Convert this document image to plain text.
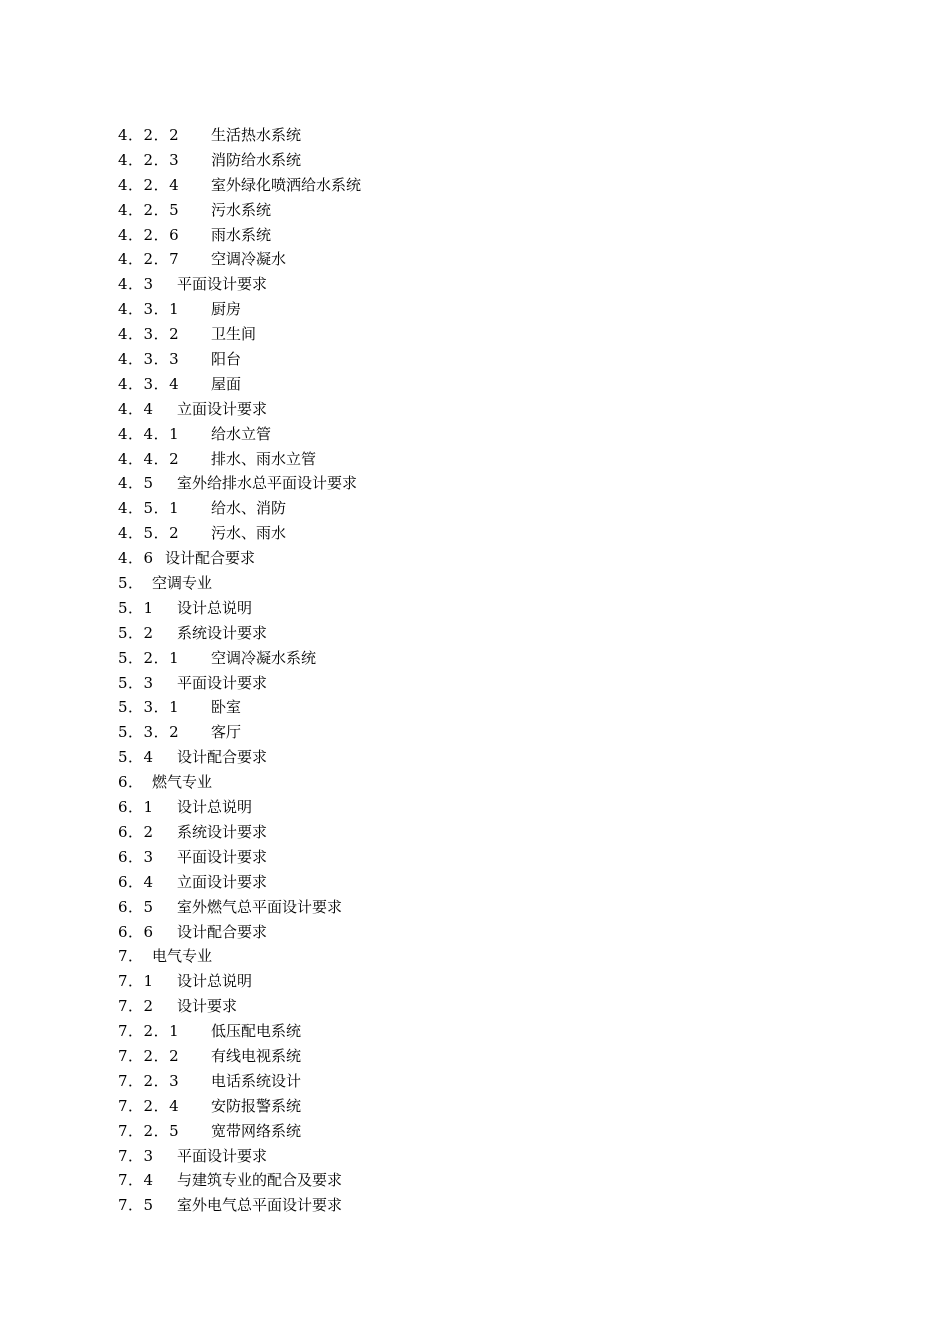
4．2．2 生活热水系统
4．2．3 消防给水系统
4．2．4 室外绿化喷洒给水系统
4．2．5 污水系统
4．2．6 雨水系统
4．2．7 空调冷凝水
4．3 平面设计要求
4．3．1 厨房
4．3．2 卫生间
4．3．3 阳台
4．3．4 屋面
4．4 立面设计要求
4．4．1 给水立管
4．4．2 排水、雨水立管
4．5 室外给排水总平面设计要求
4．5．1 给水、消防
4．5．2 污水、雨水
4．6 设计配合要求
5． 空调专业
5．1 设计总说明
5．2 系统设计要求
5．2．1 空调冷凝水系统
5．3 平面设计要求
5．3．1 卧室
5．3．2 客厅
5．4 设计配合要求
6． 燃气专业
6．1 设计总说明
6．2 系统设计要求
6．3 平面设计要求
6．4 立面设计要求
6．5 室外燃气总平面设计要求
6．6 设计配合要求
7． 电气专业
7．1 设计总说明
7．2 设计要求
7．2．1 低压配电系统
7．2．2 有线电视系统
7．2．3 电话系统设计
7．2．4 安防报警系统
7．2．5 宽带网络系统
7．3 平面设计要求
7．4 与建筑专业的配合及要求
7．5 室外电气总平面设计要求
